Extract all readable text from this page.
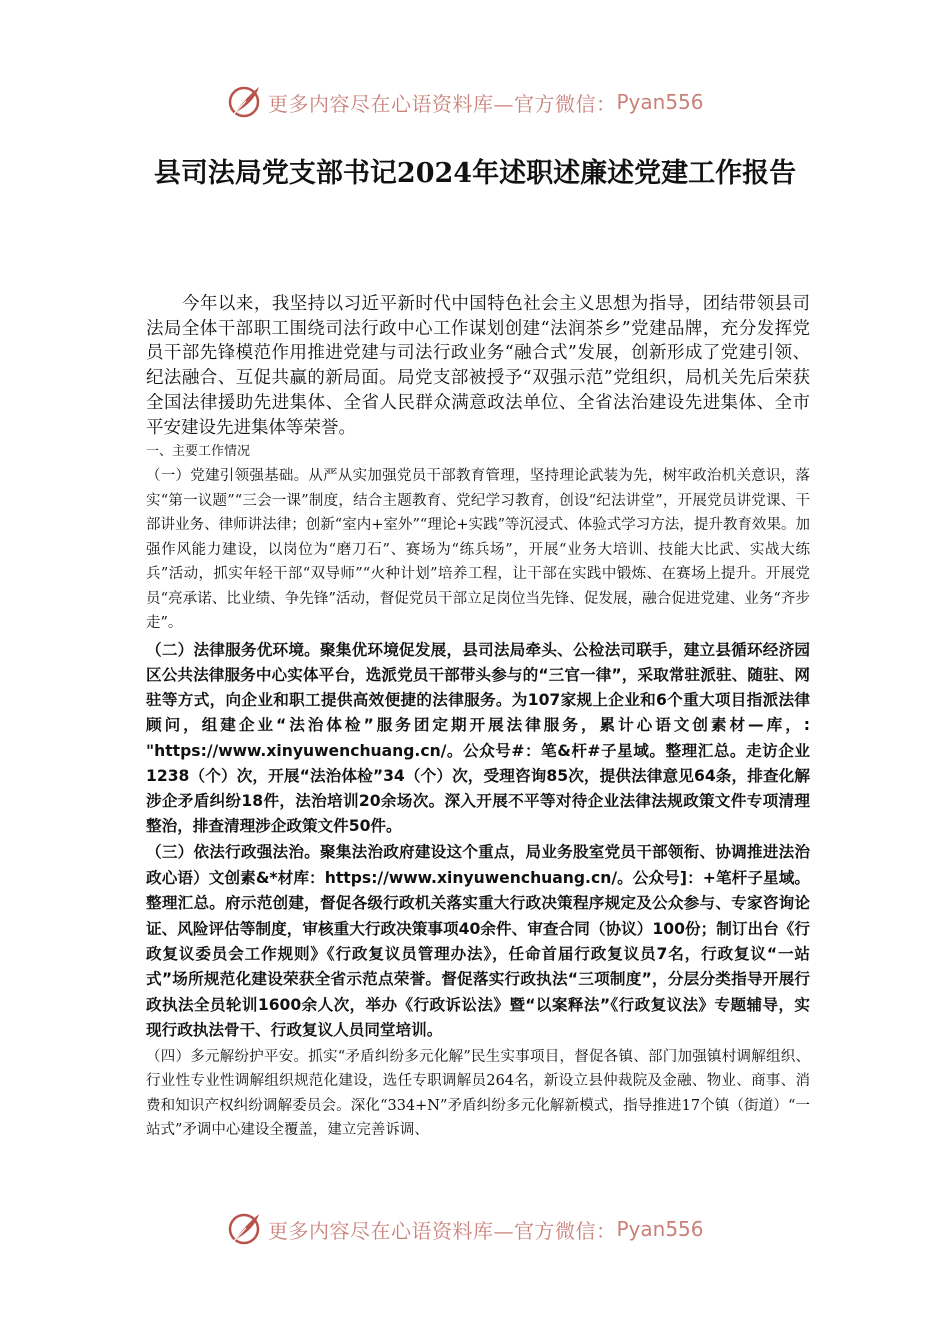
更多内容尽在心语资料库—官方微信： Pyan556
县司法局党支部书记2024年述职述廉述党建工作报告

今年以来，我坚持以习近平新时代中国特色社会主义思想为指导，团结带领县司法局全体干部职工围绕司法行政中心工作谋划创建“法润茶乡”党建品牌，充分发挥党员干部先锋模范作用推进党建与司法行政业务“融合式”发展，创新形成了党建引领、纪法融合、互促共赢的新局面。局党支部被授予“双强示范”党组织，局机关先后荣获全国法律援助先进集体、全省人民群众满意政法单位、全省法治建设先进集体、全市平安建设先进集体等荣誉。

一、主要工作情况

（一）党建引领强基础。从严从实加强党员干部教育管理，坚持理论武装为先，树牢政治机关意识，落实“第一议题”“三会一课”制度，结合主题教育、党纪学习教育，创设“纪法讲堂”，开展党员讲党课、干部讲业务、律师讲法律；创新“室内+室外”“理论+实践”等沉浸式、体验式学习方法，提升教育效果。加强作风能力建设，以岗位为“磨刀石”、赛场为“练兵场”，开展“业务大培训、技能大比武、实战大练兵”活动，抓实年轻干部“双导师”“火种计划”培养工程，让干部在实践中锻炼、在赛场上提升。开展党员“亮承诺、比业绩、争先锋”活动，督促党员干部立足岗位当先锋、促发展，融合促进党建、业务“齐步走”。

（二）法律服务优环境。聚集优环境促发展，县司法局牵头、公检法司联手，建立县循环经济园区公共法律服务中心实体平台，选派党员干部带头参与的“三官一律”，采取常驻派驻、随驻、网驻等方式，向企业和职工提供高效便捷的法律服务。为107家规上企业和6个重大项目指派法律顾问，组建企业“法治体检”服务团定期开展法律服务，累计心语文创素材—库，: "https://www.xinyuwenchuang.cn/。公众号#：笔&杆#子星域。整理汇总。走访企业1238（个）次，开展“法治体检”34（个）次，受理咨询85次，提供法律意见64条，排查化解涉企矛盾纠纷18件，法治培训20余场次。深入开展不平等对待企业法律法规政策文件专项清理整治，排查清理涉企政策文件50件。

（三）依法行政强法治。聚集法治政府建设这个重点，局业务股室党员干部领衔、协调推进法治政心语）文创素&*材库：https://www.xinyuwenchuang.cn/。公众号]：+笔杆子星域。整理汇总。府示范创建，督促各级行政机关落实重大行政决策程序规定及公众参与、专家咨询论证、风险评估等制度，审核重大行政决策事项40余件、审查合同（协议）100份；制订出台《行政复议委员会工作规则》《行政复议员管理办法》，任命首届行政复议员7名，行政复议“一站式”场所规范化建设荣获全省示范点荣誉。督促落实行政执法“三项制度”，分层分类指导开展行政执法全员轮训1600余人次，举办《行政诉讼法》暨“以案释法”《行政复议法》专题辅导，实现行政执法骨干、行政复议人员同堂培训。

（四）多元解纷护平安。抓实“矛盾纠纷多元化解”民生实事项目，督促各镇、部门加强镇村调解组织、行业性专业性调解组织规范化建设，选任专职调解员264名，新设立县仲裁院及金融、物业、商事、消费和知识产权纠纷调解委员会。深化“334+N”矛盾纠纷多元化解新模式，指导推进17个镇（街道）“一站式”矛调中心建设全覆盖，建立完善诉调、

更多内容尽在心语资料库—官方微信： Pyan556
